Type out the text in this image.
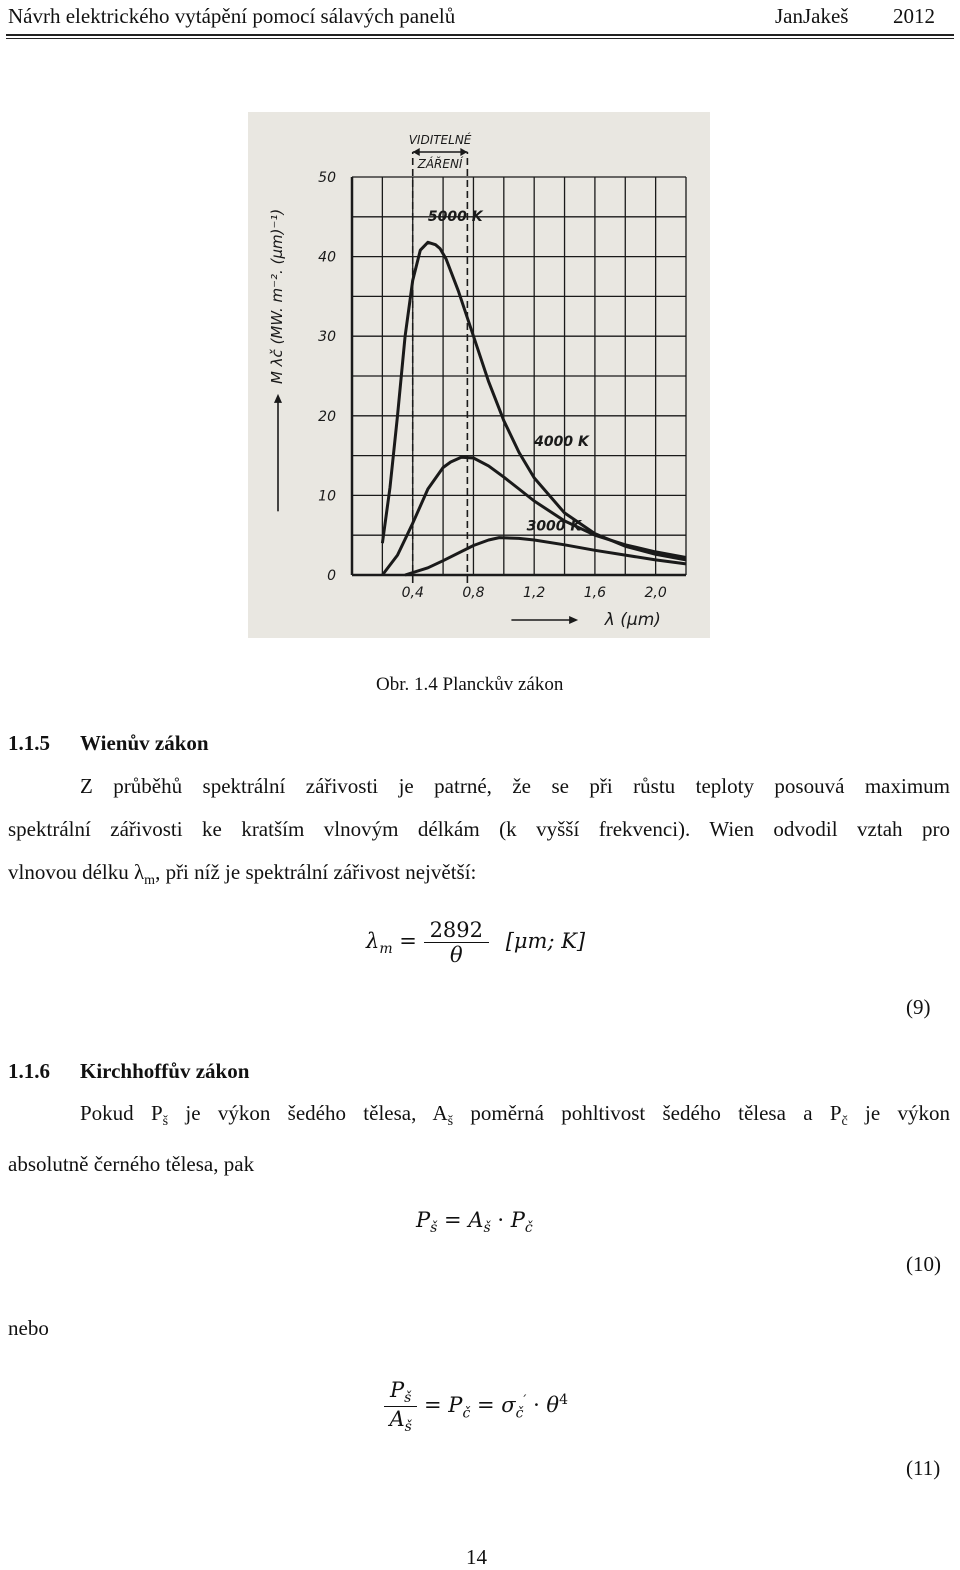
Návrh elektrického vytápění pomocí sálavých panelů	JanJakeš 2012
VIDITELNÉ
ZÁŘENÍ
5000 K
4000 K
3000 K
0
10
20
30
40
50
0,4	0,8	1,2	1,6	2,0
λ (μm)
M λč (MW. m⁻². (μm)⁻¹)
Obr. 1.4 Planckův zákon
1.1.5 Wienův zákon
Z průběhů spektrální zářivosti je patrné, že se při růstu teploty posouvá maximum
spektrální zářivosti ke kratším vlnovým délkám (k vyšší frekvenci). Wien odvodil vztah pro
vlnovou délku $\lambda_m$, při níž je spektrální zářivost největší:
$\lambda_m = \frac{2892}{\theta} [\mu m$; K]
(9)
1.1.6 Kirchhoffův zákon
Pokud $P_š$ je výkon šedého tělesa, $A_š$ poměrná pohltivost šedého tělesa a $P_č$ je výkon
absolutně černého tělesa, pak
$P_š = A_š \cdot P_č$
(10)
nebo
$\frac{P_š}{A_š} = P_č = \sigma_č' \cdot \theta^4$
(11)
14
